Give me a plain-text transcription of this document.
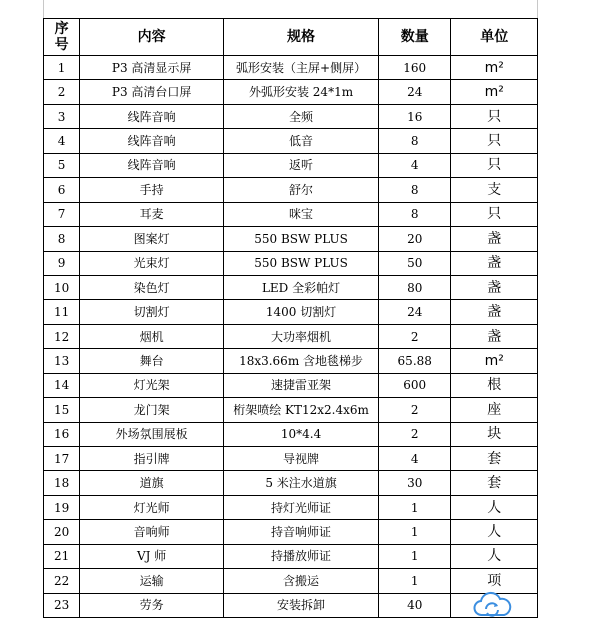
序号	内容	规格	数量	单位
1	P3 高清显示屏	弧形安装（主屏+侧屏）	160	m²
2	P3 高清台口屏	外弧形安装 24*1m	24	m²
3	线阵音响	全频	16	只
4	线阵音响	低音	8	只
5	线阵音响	返听	4	只
6	手持	舒尔	8	支
7	耳麦	咪宝	8	只
8	图案灯	550 BSW PLUS	20	盏
9	光束灯	550 BSW PLUS	50	盏
10	染色灯	LED 全彩帕灯	80	盏
11	切割灯	1400 切割灯	24	盏
12	烟机	大功率烟机	2	盏
13	舞台	18x3.66m 含地毯梯步	65.88	m²
14	灯光架	速捷雷亚架	600	根
15	龙门架	桁架喷绘 KT12x2.4x6m	2	座
16	外场氛围展板	10*4.4	2	块
17	指引牌	导视牌	4	套
18	道旗	5 米注水道旗	30	套
19	灯光师	持灯光师证	1	人
20	音响师	持音响师证	1	人
21	VJ 师	持播放师证	1	人
22	运输	含搬运	1	项
23	劳务	安装拆卸	40	
